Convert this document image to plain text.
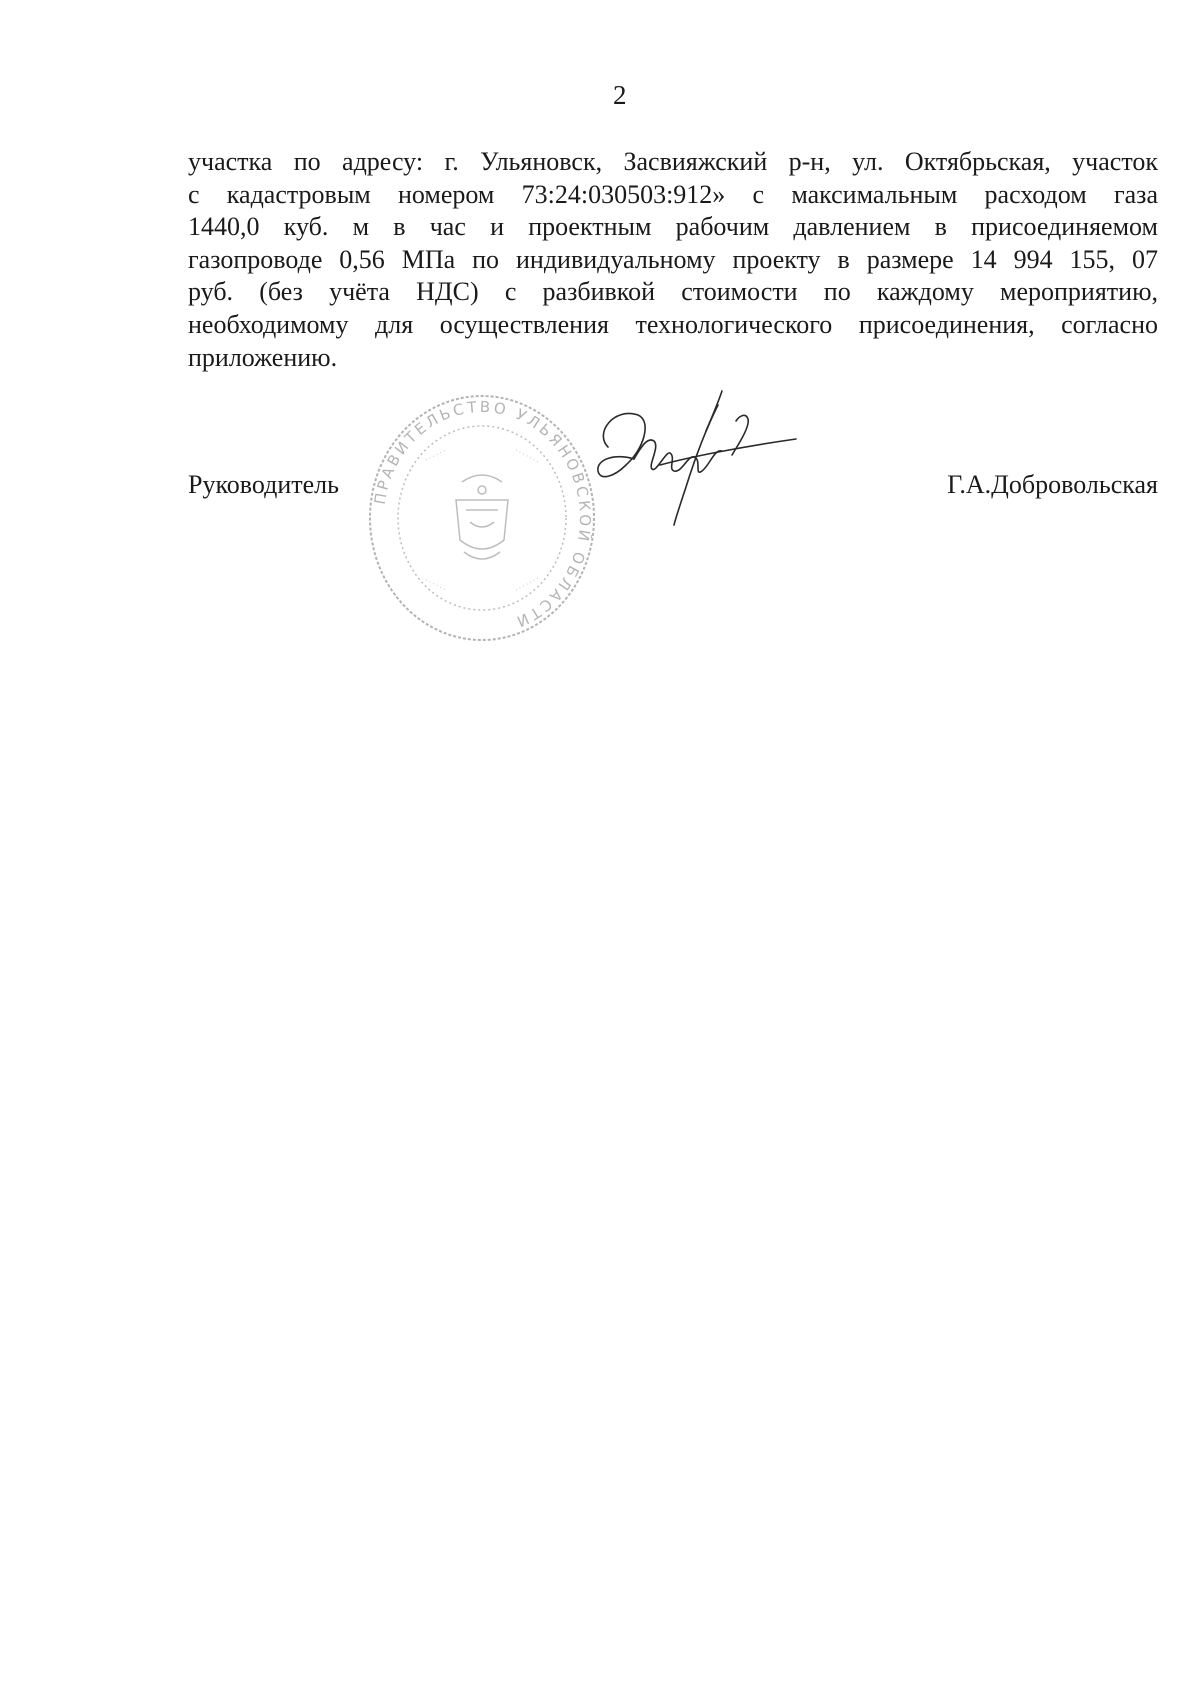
2
участка по адресу: г. Ульяновск, Засвияжский р-н, ул. Октябрьская, участок
с кадастровым номером 73:24:030503:912» с максимальным расходом газа
1440,0 куб. м в час и проектным рабочим давлением в присоединяемом
газопроводе 0,56 МПа по индивидуальному проекту в размере 14 994 155, 07
руб. (без учёта НДС) с разбивкой стоимости по каждому мероприятию,
необходимому для осуществления технологического присоединения, согласно
приложению.
Руководитель	Г.А.Добровольская
ПРАВИТЕЛЬСТВО УЛЬЯНОВСКОЙ ОБЛАСТИ
